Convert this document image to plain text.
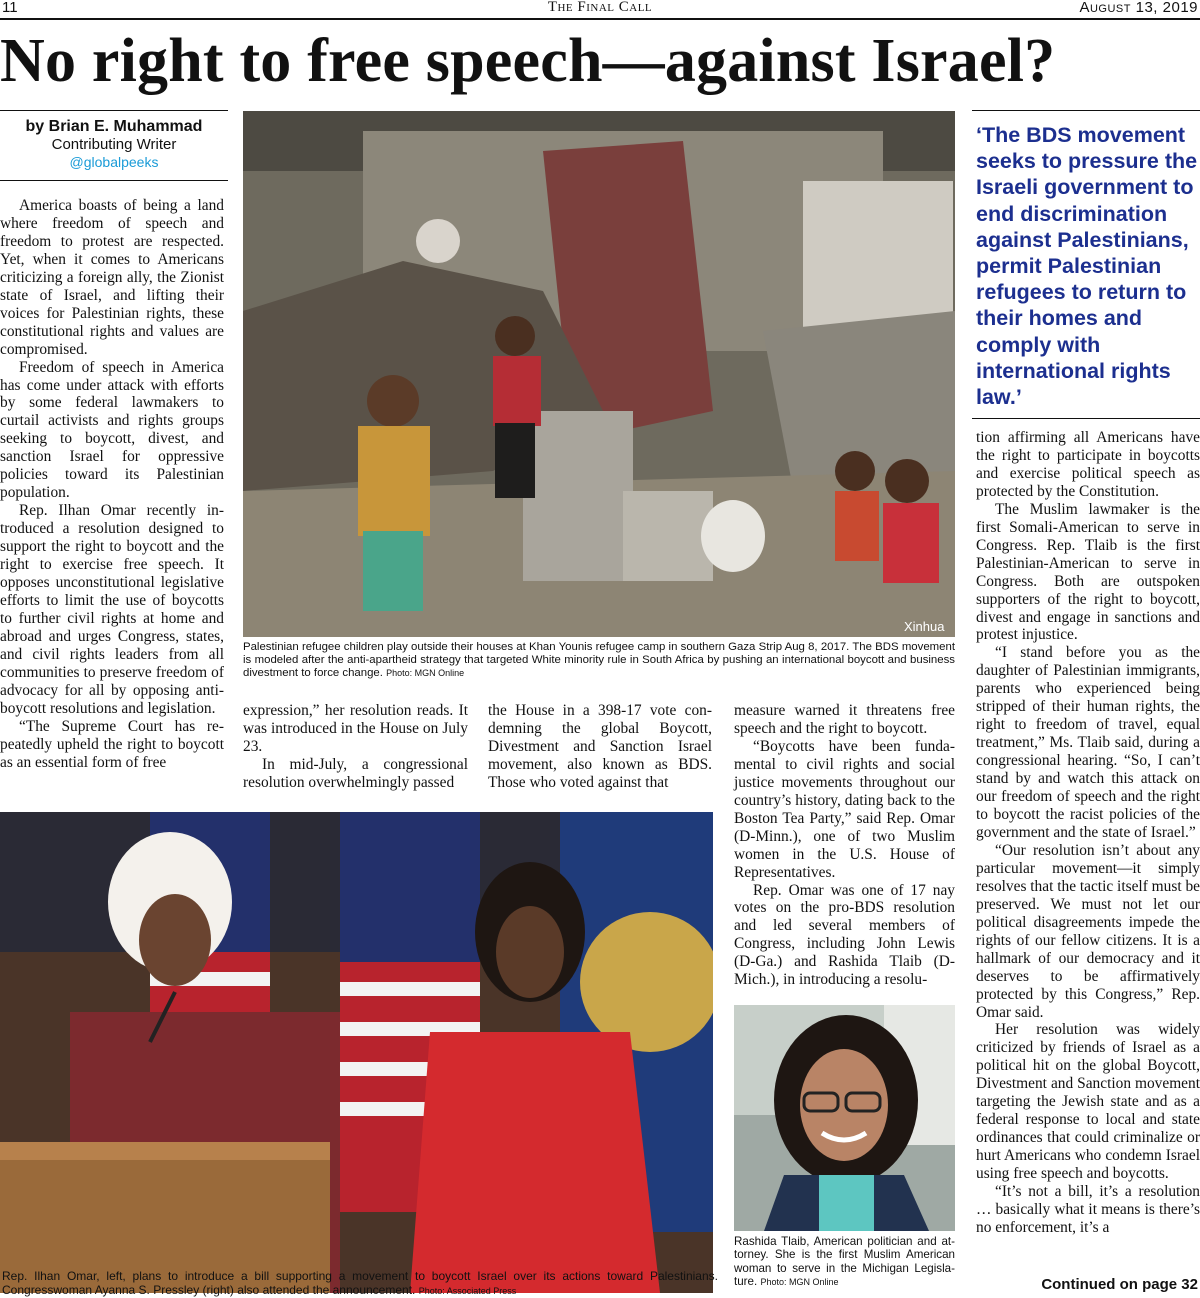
11	The Final Call	August 13, 2019
No right to free speech—against Israel?
by Brian E. Muhammad
Contributing Writer
@globalpeeks

America boasts of being a land where freedom of speech and freedom to protest are respected. Yet, when it comes to Americans criticizing a foreign ally, the Zionist state of Israel, and lifting their voices for Palestinian rights, these constitutional rights and values are compromised.

Freedom of speech in America has come under attack with efforts by some federal lawmakers to curtail activists and rights groups seeking to boycott, divest, and sanction Israel for oppressive policies toward its Palestinian population.

Rep. Ilhan Omar recently introduced a resolution designed to support the right to boycott and the right to exercise free speech. It opposes unconstitutional legislative efforts to limit the use of boycotts to further civil rights at home and abroad and urges Congress, states, and civil rights leaders from all communities to preserve freedom of advocacy for all by opposing anti-boycott resolutions and legislation.

“The Supreme Court has repeatedly upheld the right to boycott as an essential form of free

Xinhua
Palestinian refugee children play outside their houses at Khan Younis refugee camp in southern Gaza Strip Aug 8, 2017. The BDS movement is modeled after the anti-apartheid strategy that targeted White minority rule in South Africa by pushing an international boycott and business divestment to force change. Photo: MGN Online

expression,” her resolution reads. It was introduced in the House on July 23.

In mid-July, a congressional resolution overwhelmingly passed

the House in a 398-17 vote condemning the global Boycott, Divestment and Sanction Israel movement, also known as BDS. Those who voted against that

measure warned it threatens free speech and the right to boycott.

“Boycotts have been fundamental to civil rights and social justice movements throughout our country’s history, dating back to the Boston Tea Party,” said Rep. Omar (D-Minn.), one of two Muslim women in the U.S. House of Representatives.

Rep. Omar was one of 17 nay votes on the pro-BDS resolution and led several members of Congress, including John Lewis (D-Ga.) and Rashida Tlaib (D-Mich.), in introducing a resolu-

Rep. Ilhan Omar, left, plans to introduce a bill supporting a movement to boycott Israel over its actions toward Palestinians. Congresswoman Ayanna S. Pressley (right) also attended the announcement. Photo: Associated Press
Rashida Tlaib, American politician and attorney. She is the first Muslim American woman to serve in the Michigan Legislature. Photo: MGN Online
‘The BDS movement seeks to pressure the Israeli government to end discrimination against Palestinians, permit Palestinian refugees to return to their homes and comply with international rights law.’

tion affirming all Americans have the right to participate in boycotts and exercise political speech as protected by the Constitution.

The Muslim lawmaker is the first Somali-American to serve in Congress. Rep. Tlaib is the first Palestinian-American to serve in Congress. Both are outspoken supporters of the right to boycott, divest and engage in sanctions and protest injustice.

“I stand before you as the daughter of Palestinian immigrants, parents who experienced being stripped of their human rights, the right to freedom of travel, equal treatment,” Ms. Tlaib said, during a congressional hearing. “So, I can’t stand by and watch this attack on our freedom of speech and the right to boycott the racist policies of the government and the state of Israel.”

“Our resolution isn’t about any particular movement—it simply resolves that the tactic itself must be preserved. We must not let our political disagreements impede the rights of our fellow citizens. It is a hallmark of our democracy and it deserves to be affirmatively protected by this Congress,” Rep. Omar said.

Her resolution was widely criticized by friends of Israel as a political hit on the global Boycott, Divestment and Sanction movement targeting the Jewish state and as a federal response to local and state ordinances that could criminalize or hurt Americans who condemn Israel using free speech and boycotts.

“It’s not a bill, it’s a resolution … basically what it means is there’s no enforcement, it’s a

Continued on page 32
